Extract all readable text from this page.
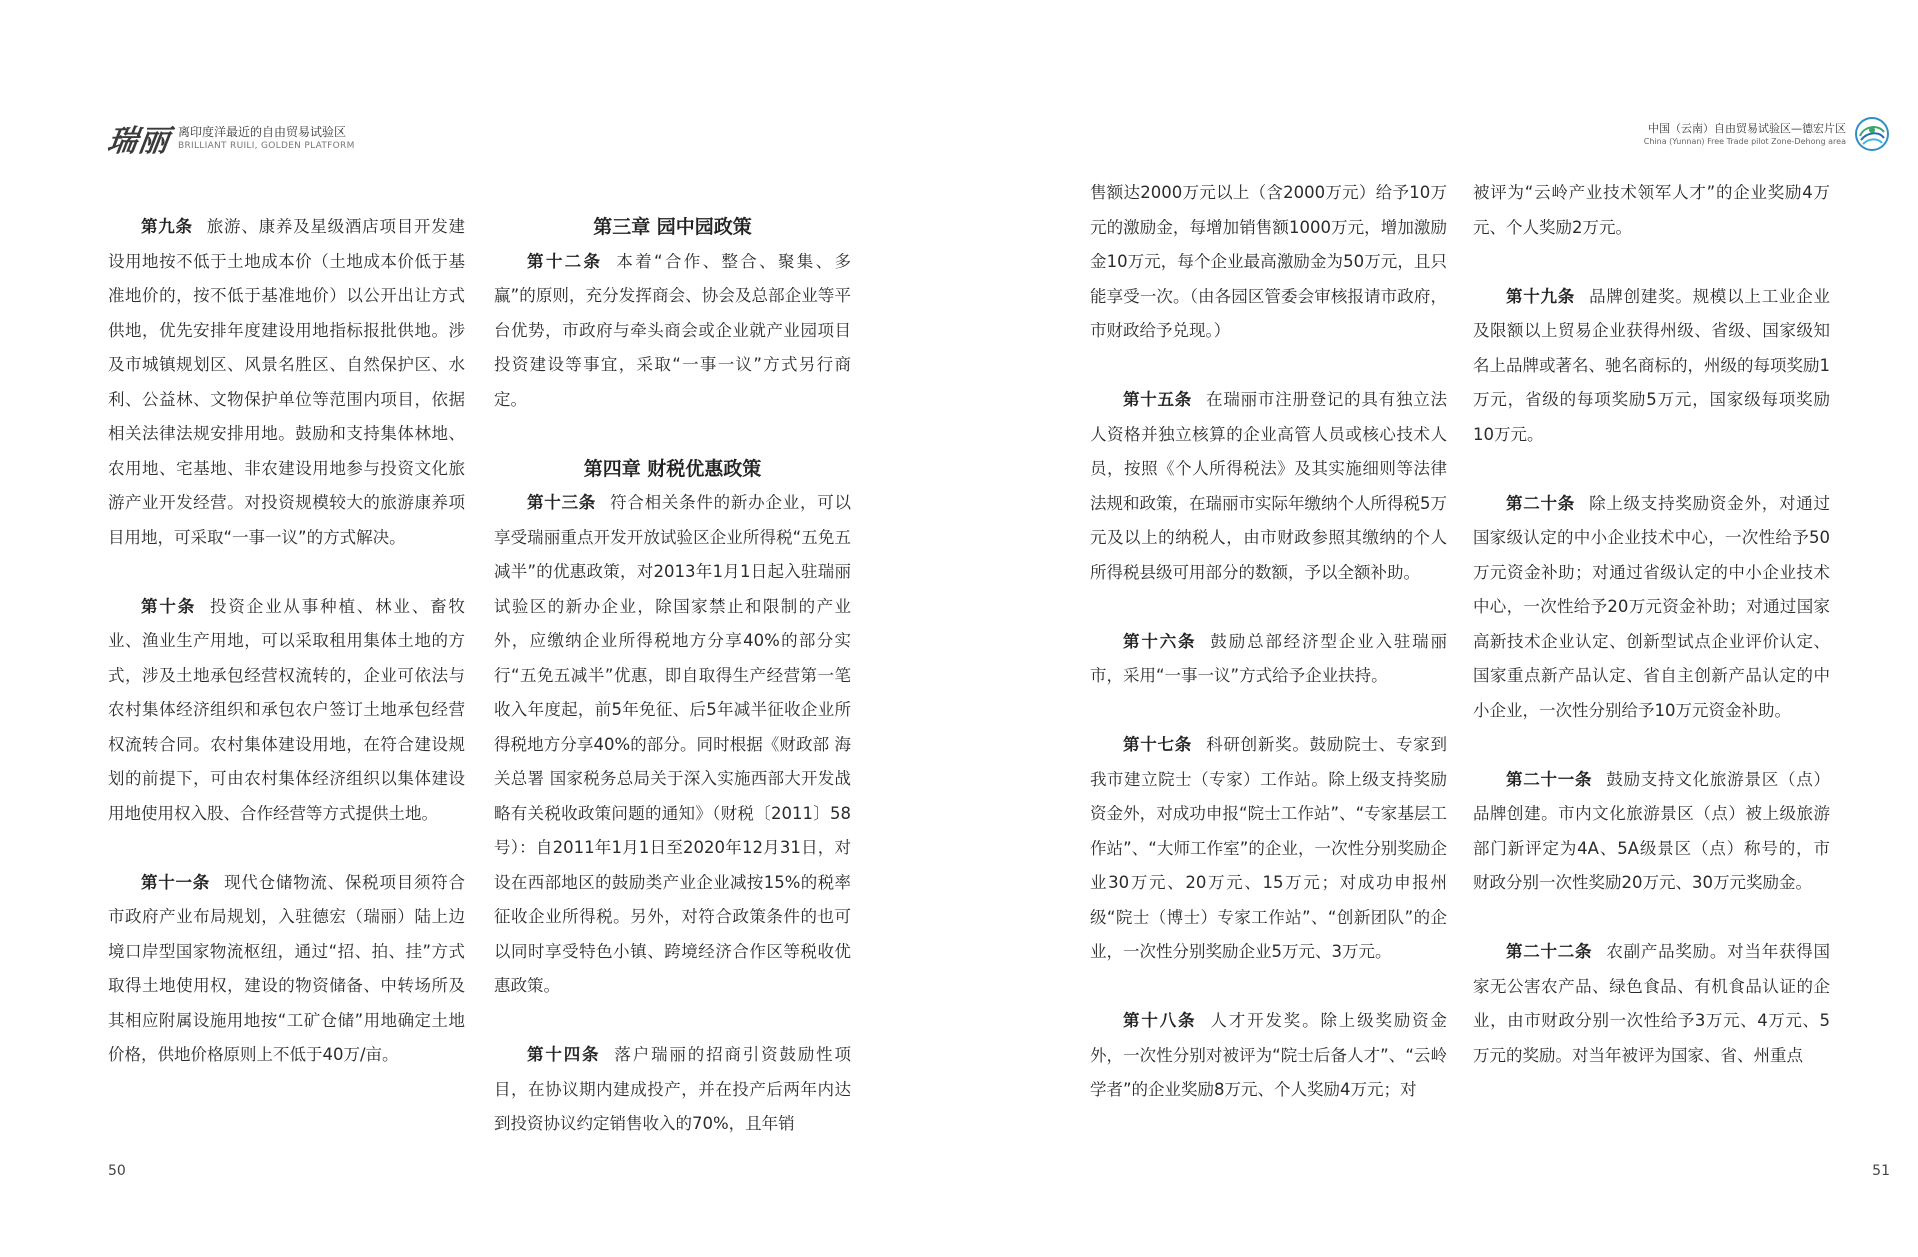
瑞丽 离印度洋最近的自由贸易试验区
BRILLIANT RUILI, GOLDEN PLATFORM

第九条 旅游、康养及星级酒店项目开发建设用地按不低于土地成本价（土地成本价低于基准地价的，按不低于基准地价）以公开出让方式供地，优先安排年度建设用地指标报批供地。涉及市城镇规划区、风景名胜区、自然保护区、水利、公益林、文物保护单位等范围内项目，依据相关法律法规安排用地。鼓励和支持集体林地、农用地、宅基地、非农建设用地参与投资文化旅游产业开发经营。对投资规模较大的旅游康养项目用地，可采取“一事一议”的方式解决。

第十条 投资企业从事种植、林业、畜牧业、渔业生产用地，可以采取租用集体土地的方式，涉及土地承包经营权流转的，企业可依法与农村集体经济组织和承包农户签订土地承包经营权流转合同。农村集体建设用地，在符合建设规划的前提下，可由农村集体经济组织以集体建设用地使用权入股、合作经营等方式提供土地。

第十一条 现代仓储物流、保税项目须符合市政府产业布局规划，入驻德宏（瑞丽）陆上边境口岸型国家物流枢纽，通过“招、拍、挂”方式取得土地使用权，建设的物资储备、中转场所及其相应附属设施用地按“工矿仓储”用地确定土地价格，供地价格原则上不低于40万/亩。

第三章 园中园政策

第十二条 本着“合作、整合、聚集、多赢”的原则，充分发挥商会、协会及总部企业等平台优势，市政府与牵头商会或企业就产业园项目投资建设等事宜，采取“一事一议”方式另行商定。

第四章 财税优惠政策

第十三条 符合相关条件的新办企业，可以享受瑞丽重点开发开放试验区企业所得税“五免五减半”的优惠政策，对2013年1月1日起入驻瑞丽试验区的新办企业，除国家禁止和限制的产业外，应缴纳企业所得税地方分享40%的部分实行“五免五减半”优惠，即自取得生产经营第一笔收入年度起，前5年免征、后5年减半征收企业所得税地方分享40%的部分。同时根据《财政部 海关总署 国家税务总局关于深入实施西部大开发战略有关税收政策问题的通知》（财税〔2011〕58号）：自2011年1月1日至2020年12月31日，对设在西部地区的鼓励类产业企业减按15%的税率征收企业所得税。另外，对符合政策条件的也可以同时享受特色小镇、跨境经济合作区等税收优惠政策。

第十四条 落户瑞丽的招商引资鼓励性项目，在协议期内建成投产，并在投产后两年内达到投资协议约定销售收入的70%，且年销

50
中国（云南）自由贸易试验区—德宏片区
China (Yunnan) Free Trade pilot Zone-Dehong area

售额达2000万元以上（含2000万元）给予10万元的激励金，每增加销售额1000万元，增加激励金10万元，每个企业最高激励金为50万元，且只能享受一次。（由各园区管委会审核报请市政府，市财政给予兑现。）

第十五条 在瑞丽市注册登记的具有独立法人资格并独立核算的企业高管人员或核心技术人员，按照《个人所得税法》及其实施细则等法律法规和政策，在瑞丽市实际年缴纳个人所得税5万元及以上的纳税人，由市财政参照其缴纳的个人所得税县级可用部分的数额，予以全额补助。

第十六条 鼓励总部经济型企业入驻瑞丽市，采用“一事一议”方式给予企业扶持。

第十七条 科研创新奖。鼓励院士、专家到我市建立院士（专家）工作站。除上级支持奖励资金外，对成功申报“院士工作站”、“专家基层工作站”、“大师工作室”的企业，一次性分别奖励企业30万元、20万元、15万元；对成功申报州级“院士（博士）专家工作站”、“创新团队”的企业，一次性分别奖励企业5万元、3万元。

第十八条 人才开发奖。除上级奖励资金外，一次性分别对被评为“院士后备人才”、“云岭学者”的企业奖励8万元、个人奖励4万元；对

被评为“云岭产业技术领军人才”的企业奖励4万元、个人奖励2万元。

第十九条 品牌创建奖。规模以上工业企业及限额以上贸易企业获得州级、省级、国家级知名上品牌或著名、驰名商标的，州级的每项奖励1万元，省级的每项奖励5万元，国家级每项奖励10万元。

第二十条 除上级支持奖励资金外，对通过国家级认定的中小企业技术中心，一次性给予50万元资金补助；对通过省级认定的中小企业技术中心，一次性给予20万元资金补助；对通过国家高新技术企业认定、创新型试点企业评价认定、国家重点新产品认定、省自主创新产品认定的中小企业，一次性分别给予10万元资金补助。

第二十一条 鼓励支持文化旅游景区（点）品牌创建。市内文化旅游景区（点）被上级旅游部门新评定为4A、5A级景区（点）称号的，市财政分别一次性奖励20万元、30万元奖励金。

第二十二条 农副产品奖励。对当年获得国家无公害农产品、绿色食品、有机食品认证的企业，由市财政分别一次性给予3万元、4万元、5万元的奖励。对当年被评为国家、省、州重点

51
